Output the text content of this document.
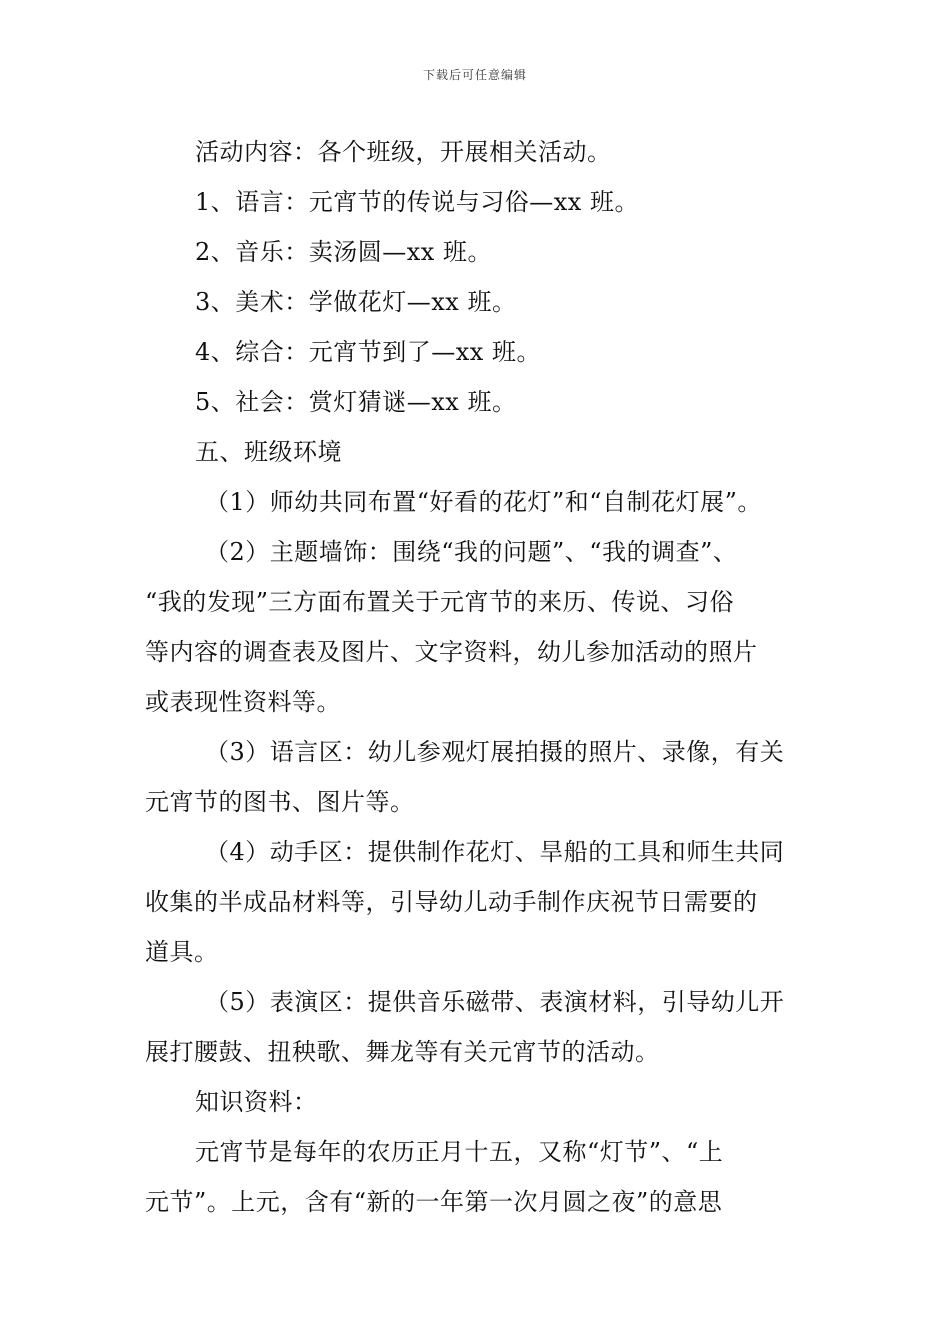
下载后可任意编辑
活动内容：各个班级，开展相关活动。
1、语言：元宵节的传说与习俗—xx 班。
2、音乐：卖汤圆—xx 班。
3、美术：学做花灯—xx 班。
4、综合：元宵节到了—xx 班。
5、社会：赏灯猜谜—xx 班。
五、班级环境
（1）师幼共同布置“好看的花灯”和“自制花灯展”。
（2）主题墙饰：围绕“我的问题”、“我的调查”、
“我的发现”三方面布置关于元宵节的来历、传说、习俗
等内容的调查表及图片、文字资料，幼儿参加活动的照片
或表现性资料等。
（3）语言区：幼儿参观灯展拍摄的照片、录像，有关
元宵节的图书、图片等。
（4）动手区：提供制作花灯、旱船的工具和师生共同
收集的半成品材料等，引导幼儿动手制作庆祝节日需要的
道具。
（5）表演区：提供音乐磁带、表演材料，引导幼儿开
展打腰鼓、扭秧歌、舞龙等有关元宵节的活动。
知识资料：
元宵节是每年的农历正月十五，又称“灯节”、“上
元节”。上元，含有“新的一年第一次月圆之夜”的意思
